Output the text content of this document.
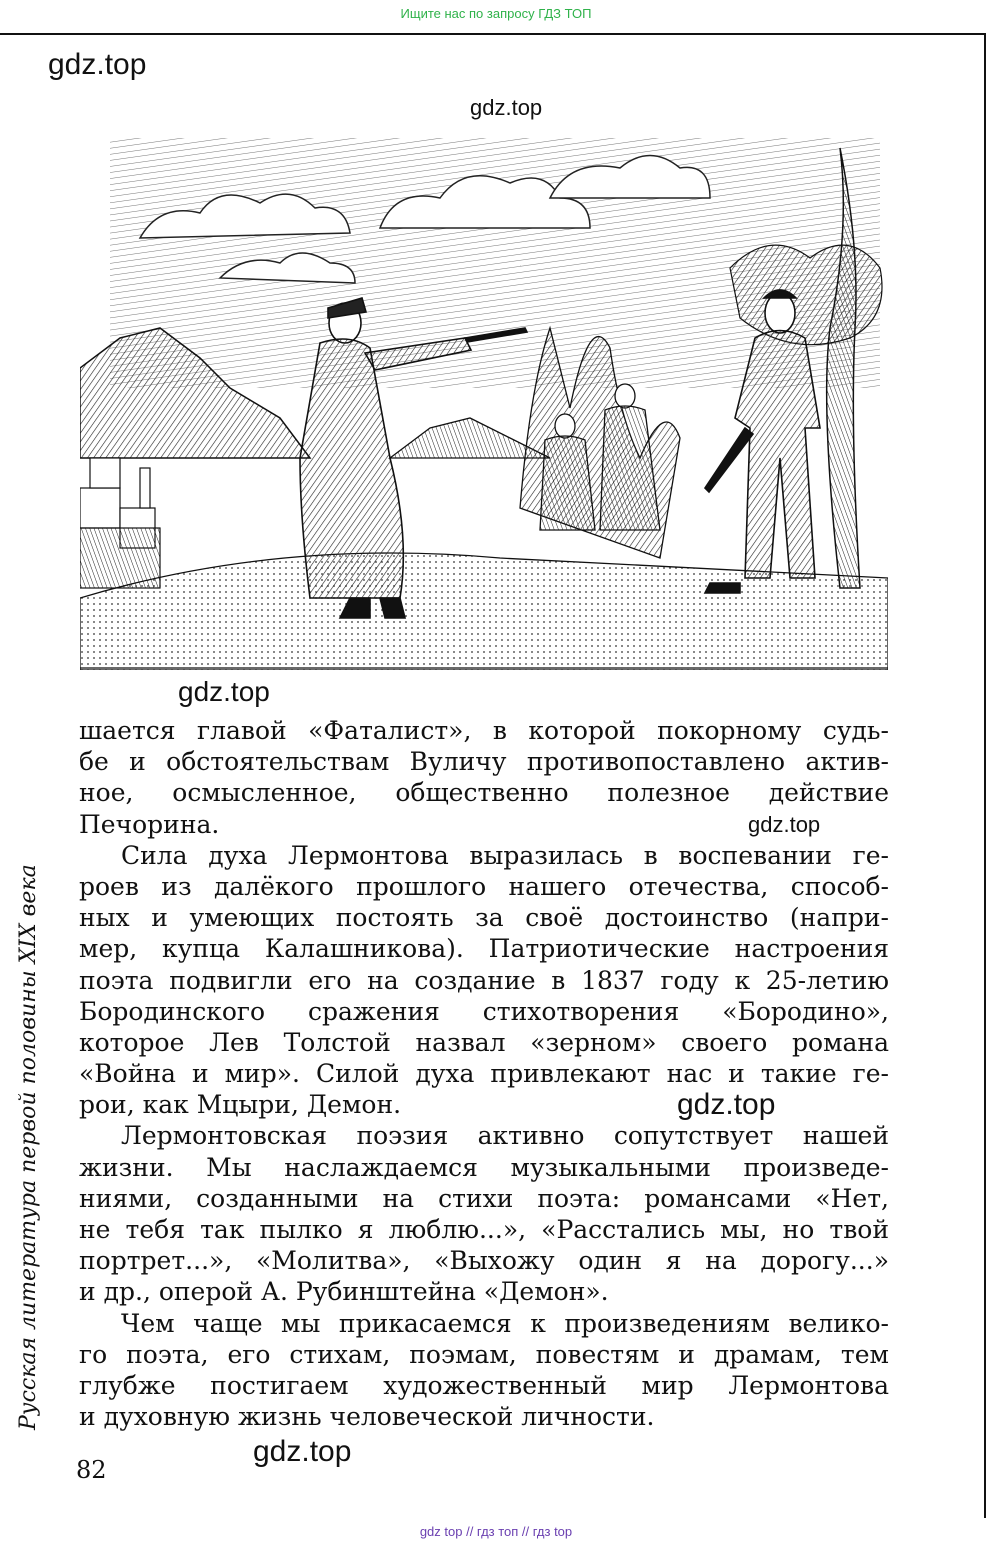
Ищите нас по запросу ГДЗ ТОП
gdz.top
gdz.top
gdz.top
шается главой «Фаталист», в которой покорному судь-
бе и обстоятельствам Вуличу противопоставлено актив-
ное, осмысленное, общественно полезное действие
Печорина.
Сила духа Лермонтова выразилась в воспевании ге-
роев из далёкого прошлого нашего отечества, способ-
ных и умеющих постоять за своё достоинство (напри-
мер, купца Калашникова). Патриотические настроения
поэта подвигли его на создание в 1837 году к 25-летию
Бородинского сражения стихотворения «Бородино»,
которое Лев Толстой назвал «зерном» своего романа
«Война и мир». Силой духа привлекают нас и такие ге-
рои, как Мцыри, Демон.
Лермонтовская поэзия активно сопутствует нашей
жизни. Мы наслаждаемся музыкальными произведе-
ниями, созданными на стихи поэта: романсами «Нет,
не тебя так пылко я люблю...», «Расстались мы, но твой
портрет...», «Молитва», «Выхожу один я на дорогу...»
и др., оперой А. Рубинштейна «Демон».
Чем чаще мы прикасаемся к произведениям велико-
го поэта, его стихам, поэмам, повестям и драмам, тем
глубже постигаем художественный мир Лермонтова
и духовную жизнь человеческой личности.
gdz.top
gdz.top
gdz.top
Русская литература первой половины XIX века
82
gdz top // гдз топ // гдз top
